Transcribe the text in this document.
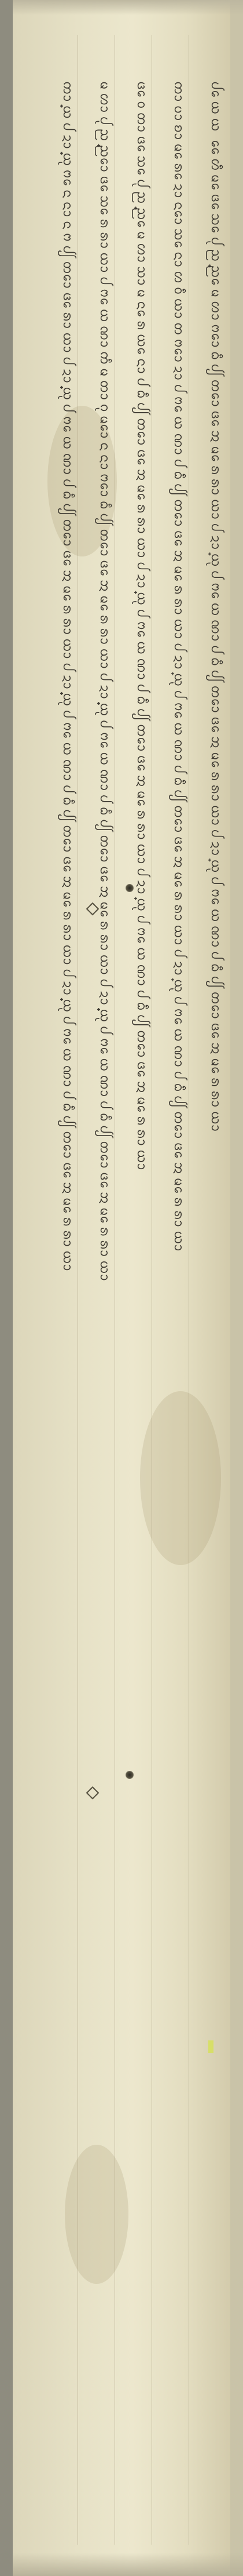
ᨠᩣ᩠ᨿᨸᨯᩣ᩠ᨿᩩᨻᩮᨶᨶᩣᨶᨻᨸᩭᨲᩮᩣᨴᩮᩁᩣᨿᩣᨸᨯᩣ᩠ᨿᩩᨸᨻᩮᨿᨱᩣᨸᨵᩥᨸᩭᨲᩮᩣᨴᩮᩋᨾᩮᩁᩁᩣᨿᩣᨸᨯᩣ᩠ᨿᩩᨸᨻᩮᨿᨱᩣᨸᨵᩥᨸᩭᨲᩮᩣᨴᩮᩋᨾᩮᩁᩁᩣᨿᩣᨸᨯᩣ᩠ᨿᩩᨸᨻᩮᨿᨱᩣᨸᨵᩥᨸᩭᨲᩮᩣᨴᩮᩋᨾᩮᩁᩁᩣᨿᩣ	ᨾᩉᩣᨸᩩᨬ᩠ᨬᩮᩣᨴᩮᩈᩮᩁᩁᩣᨿᩣᨸᨻᩮᨿᨱᩣᨠᩥᨾᨲᩣᨣᩩᨾᩮᩣᨶᨶᩣᨻᩮᩣᨵᩥᨸᩭᨲᩮᩣᨴᩮᩋᨾᩮᩁᩁᩣᨿᩣᨸᨯᩣ᩠ᨿᩩᨸᨻᩮᨿᨱᩣᨸᨵᩥᨸᩭᨲᩮᩣᨴᩮᩋᨾᩮᩁᩁᩣᨿᩣᨸᨯᩣ᩠ᨿᩩᨸᨻᩮᨿᨱᩣᨸᨵᩥᨸᩭᨲᩮᩣᨴᩮᩋᨾᩮᩁᩁᩣᨿᩣ	ᨴᩮᩅᨲᩣᨴᩮᩈᩮᨸᩩᨬ᩠ᨬᩮᨾᩉᩣᩈᩣᨾᨶᩮᩁᨿᩮᨶᩣᨸᨵᩥᨸᩭᨲᩮᩣᨴᩮᩋᨾᩮᩁᩁᩣᨿᩣᨸᨯᩣ᩠ᨿᩩᨸᨻᩮᨿᨱᩣᨸᨵᩥᨸᩭᨲᩮᩣᨴᩮᩋᨾᩮᩁᩁᩣᨿᩣᨸᨯᩣ᩠ᨿᩩᨸᨻᩮᨿᨱᩣᨸᨵᩥᨸᩭᨲᩮᩣᨴᩮᩋᨾᩮᩁᩁᩣᨿᩣ	ᨠᩣᨷᩣᨧᩣᨾᩮᩁᩮᨯᩣᨶᩮᩣᩈᩮᨶᩣᩉᩅᩥᨿᩣᨲᨻᩮᩣᨯᩣᨸᨻᩮᨿᨱᩣᨸᨵᩥᨸᩭᨲᩮᩣᨴᩮᩋᨾᩮᩁᩁᩣᨿᩣᨸᨯᩣ᩠ᨿᩩᨸᨻᩮᨿᨱᩣᨸᨵᩥᨸᩭᨲᩮᩣᨴᩮᩋᨾᩮᩁᩁᩣᨿᩣᨸᨯᩣ᩠ᨿᩩᨸᨻᩮᨿᨱᩣᨸᨵᩥᨸᩭᨲᩮᩣᨴᩮᩋᨾᩮᩁᩁᩣᨿᩣ	ᨸᩮᨿᨿ ᩯᩉᩥᨾᩮᨴᩮᩈᩮᨸᩩᨬ᩠ᨬᩮᨾᩉᩣᨻᩮᩣᨵᩥᨸᩭᨲᩮᩣᨴᩮᩋᨾᩮᩁᩁᩣᨿᩣᨸᨯᩣ᩠ᨿᩩᨸᨻᩮᨿᨱᩣᨸᨵᩥᨸᩭᨲᩮᩣᨴᩮᩋᨾᩮᩁᩁᩣᨿᩣᨸᨯᩣ᩠ᨿᩩᨸᨻᩮᨿᨱᩣᨸᨵᩥᨸᩭᨲᩮᩣᨴᩮᩋᨾᩮᩁᩁᩣᨿᩣ
